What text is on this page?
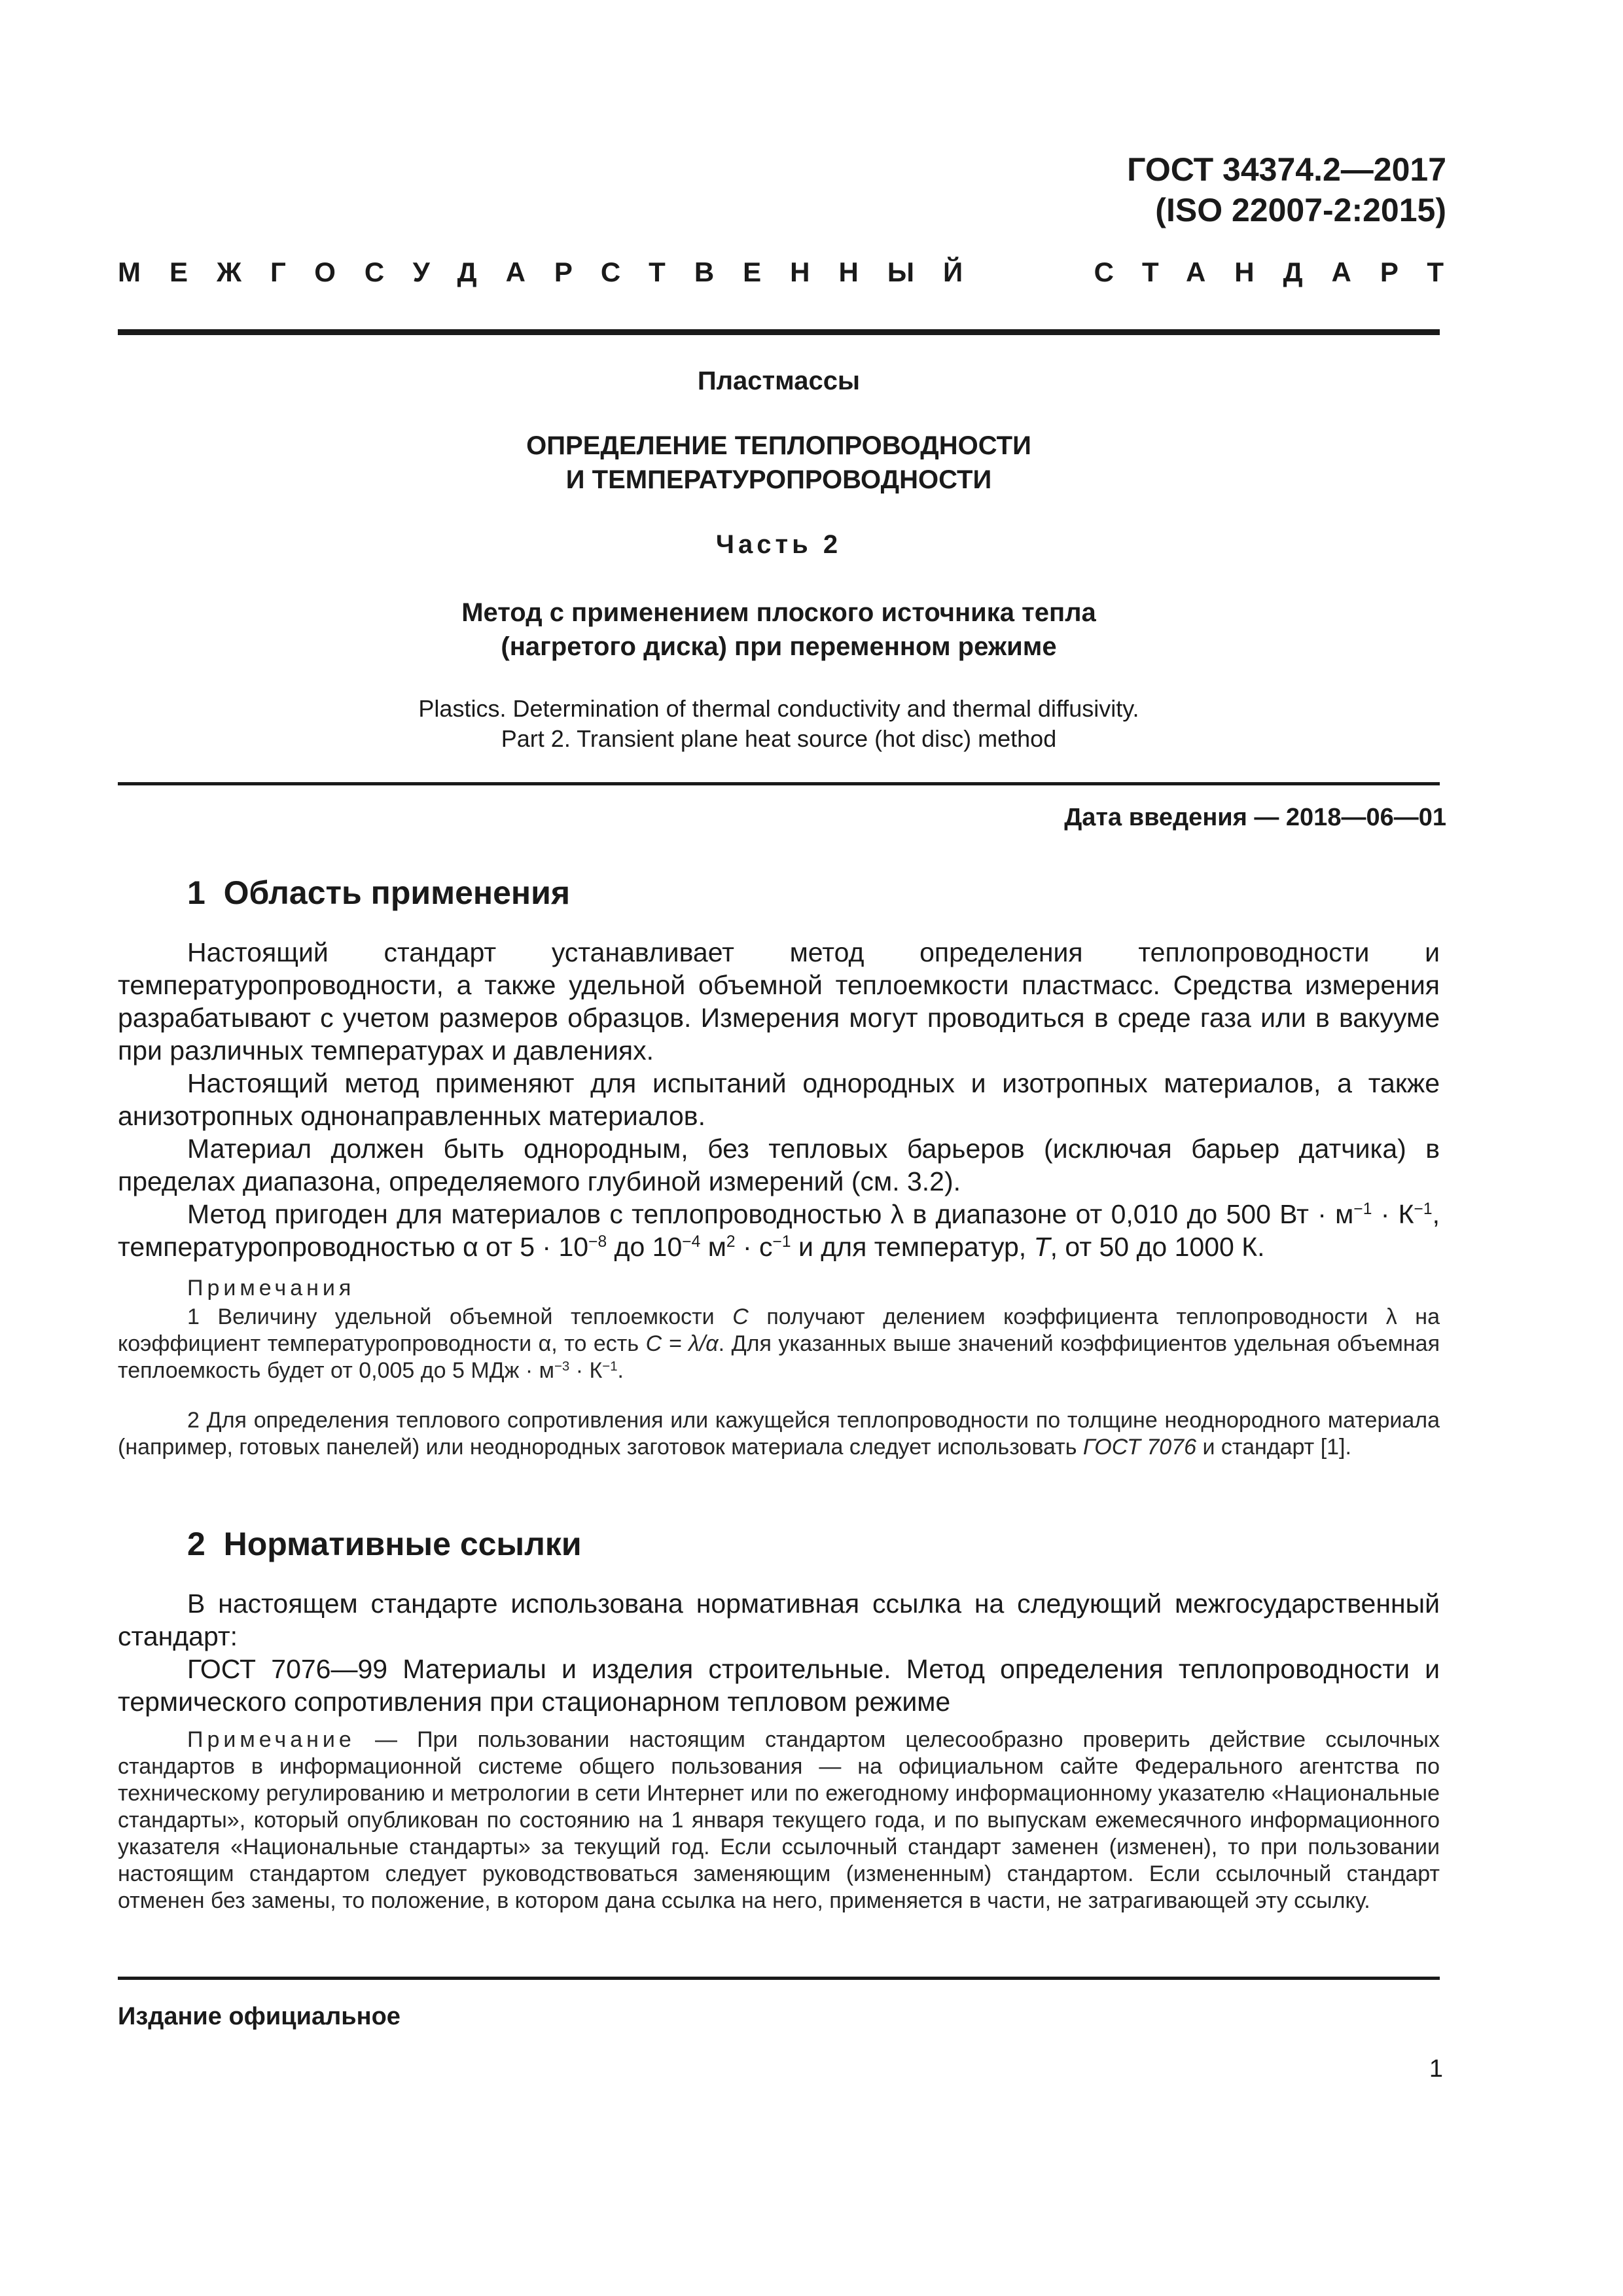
ГОСТ 34374.2—2017
(ISO 22007-2:2015)
МЕЖГОСУДАРСТВЕННЫЙ	СТАНДАРТ
Пластмассы
ОПРЕДЕЛЕНИЕ ТЕПЛОПРОВОДНОСТИ
И ТЕМПЕРАТУРОПРОВОДНОСТИ
Часть 2
Метод с применением плоского источника тепла
(нагретого диска) при переменном режиме
Plastics. Determination of thermal conductivity and thermal diffusivity.
Part 2. Transient plane heat source (hot disc) method
Дата введения — 2018—06—01
1  Область применения
Настоящий стандарт устанавливает метод определения теплопроводности и температуропроводности, а также удельной объемной теплоемкости пластмасс. Средства измерения разрабатывают с учетом размеров образцов. Измерения могут проводиться в среде газа или в вакууме при различных температурах и давлениях.
Настоящий метод применяют для испытаний однородных и изотропных материалов, а также анизотропных однонаправленных материалов.
Материал должен быть однородным, без тепловых барьеров (исключая барьер датчика) в пределах диапазона, определяемого глубиной измерений (см. 3.2).
Метод пригоден для материалов с теплопроводностью λ в диапазоне от 0,010 до 500 Вт · $м^{-1} \cdot К^{-1}$, температуропроводностью α от $5 \cdot 10^{-8}$ до $10^{-4}$ $м^2 \cdot с^{-1}$ и для температур, T, от 50 до 1000 К.
Примечания
1 Величину удельной объемной теплоемкости C получают делением коэффициента теплопроводности λ на коэффициент температуропроводности α, то есть C = λ/α. Для указанных выше значений коэффициентов удельная объемная теплоемкость будет от 0,005 до 5 МДж · $м^{-3} \cdot К^{-1}$.
2 Для определения теплового сопротивления или кажущейся теплопроводности по толщине неоднородного материала (например, готовых панелей) или неоднородных заготовок материала следует использовать ГОСТ 7076 и стандарт [1].
2  Нормативные ссылки
В настоящем стандарте использована нормативная ссылка на следующий межгосударственный стандарт:
ГОСТ 7076—99 Материалы и изделия строительные. Метод определения теплопроводности и термического сопротивления при стационарном тепловом режиме
Примечание — При пользовании настоящим стандартом целесообразно проверить действие ссылочных стандартов в информационной системе общего пользования — на официальном сайте Федерального агентства по техническому регулированию и метрологии в сети Интернет или по ежегодному информационному указателю «Национальные стандарты», который опубликован по состоянию на 1 января текущего года, и по выпускам ежемесячного информационного указателя «Национальные стандарты» за текущий год. Если ссылочный стандарт заменен (изменен), то при пользовании настоящим стандартом следует руководствоваться заменяющим (измененным) стандартом. Если ссылочный стандарт отменен без замены, то положение, в котором дана ссылка на него, применяется в части, не затрагивающей эту ссылку.
Издание официальное
1
